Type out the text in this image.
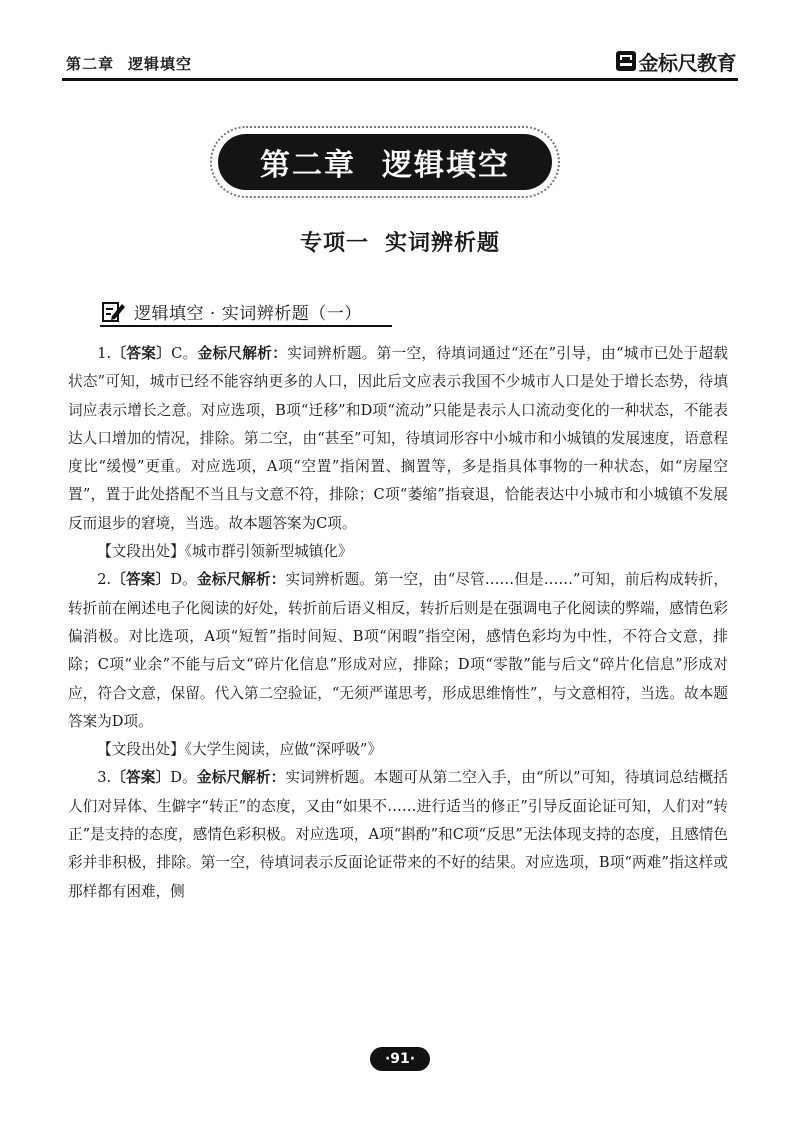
第二章 逻辑填空	金标尺教育
第二章 逻辑填空
专项一 实词辨析题
逻辑填空 · 实词辨析题（一）

1.〔答案〕C。金标尺解析：实词辨析题。第一空，待填词通过“还在”引导，由“城市已处于超载状态”可知，城市已经不能容纳更多的人口，因此后文应表示我国不少城市人口是处于增长态势，待填词应表示增长之意。对应选项，B项“迁移”和D项“流动”只能是表示人口流动变化的一种状态，不能表达人口增加的情况，排除。第二空，由“甚至”可知，待填词形容中小城市和小城镇的发展速度，语意程度比“缓慢”更重。对应选项，A项“空置”指闲置、搁置等，多是指具体事物的一种状态，如“房屋空置”，置于此处搭配不当且与文意不符，排除；C项“萎缩”指衰退，恰能表达中小城市和小城镇不发展反而退步的窘境，当选。故本题答案为C项。

【文段出处】《城市群引领新型城镇化》

2.〔答案〕D。金标尺解析：实词辨析题。第一空，由“尽管……但是……”可知，前后构成转折，转折前在阐述电子化阅读的好处，转折前后语义相反，转折后则是在强调电子化阅读的弊端，感情色彩偏消极。对比选项，A项“短暂”指时间短、B项“闲暇”指空闲，感情色彩均为中性，不符合文意，排除；C项“业余”不能与后文“碎片化信息”形成对应，排除；D项“零散”能与后文“碎片化信息”形成对应，符合文意，保留。代入第二空验证，“无须严谨思考，形成思维惰性”，与文意相符，当选。故本题答案为D项。

【文段出处】《大学生阅读，应做“深呼吸”》

3.〔答案〕D。金标尺解析：实词辨析题。本题可从第二空入手，由“所以”可知，待填词总结概括人们对异体、生僻字“转正”的态度，又由“如果不……进行适当的修正”引导反面论证可知，人们对“转正”是支持的态度，感情色彩积极。对应选项，A项“斟酌”和C项“反思”无法体现支持的态度，且感情色彩并非积极，排除。第一空，待填词表示反面论证带来的不好的结果。对应选项，B项“两难”指这样或那样都有困难，侧

·91·
